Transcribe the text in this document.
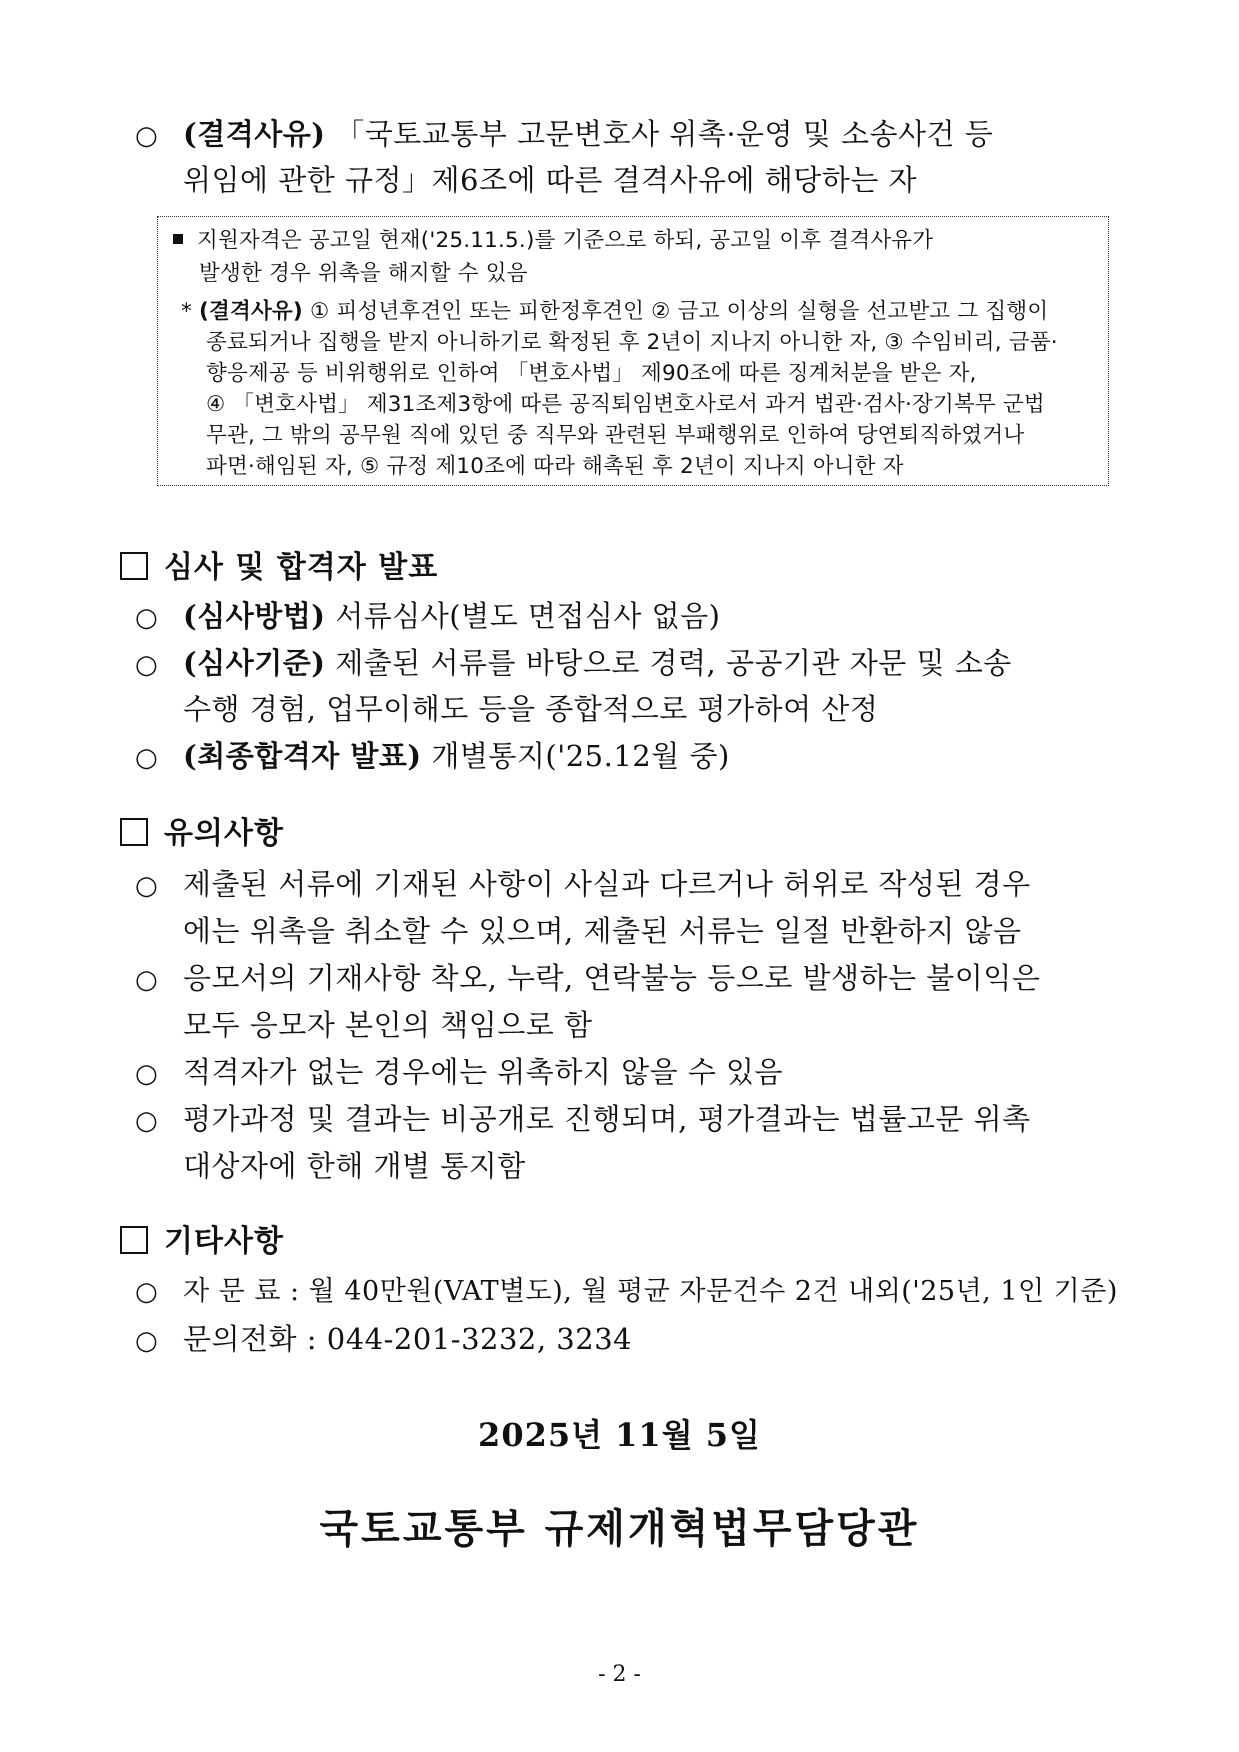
○ (결격사유) 「국토교통부 고문변호사 위촉·운영 및 소송사건 등
위임에 관한 규정」제6조에 따른 결격사유에 해당하는 자
지원자격은 공고일 현재('25.11.5.)를 기준으로 하되, 공고일 이후 결격사유가
발생한 경우 위촉을 해지할 수 있음
* (결격사유) ① 피성년후견인 또는 피한정후견인 ② 금고 이상의 실형을 선고받고 그 집행이
종료되거나 집행을 받지 아니하기로 확정된 후 2년이 지나지 아니한 자, ③ 수임비리, 금품·
향응제공 등 비위행위로 인하여 「변호사법」 제90조에 따른 징계처분을 받은 자,
④ 「변호사법」 제31조제3항에 따른 공직퇴임변호사로서 과거 법관·검사·장기복무 군법
무관, 그 밖의 공무원 직에 있던 중 직무와 관련된 부패행위로 인하여 당연퇴직하였거나
파면·해임된 자, ⑤ 규정 제10조에 따라 해촉된 후 2년이 지나지 아니한 자
심사 및 합격자 발표
○ (심사방법) 서류심사(별도 면접심사 없음)
○ (심사기준) 제출된 서류를 바탕으로 경력, 공공기관 자문 및 소송
수행 경험, 업무이해도 등을 종합적으로 평가하여 산정
○ (최종합격자 발표) 개별통지('25.12월 중)
유의사항
○ 제출된 서류에 기재된 사항이 사실과 다르거나 허위로 작성된 경우
에는 위촉을 취소할 수 있으며, 제출된 서류는 일절 반환하지 않음
○ 응모서의 기재사항 착오, 누락, 연락불능 등으로 발생하는 불이익은
모두 응모자 본인의 책임으로 함
○ 적격자가 없는 경우에는 위촉하지 않을 수 있음
○ 평가과정 및 결과는 비공개로 진행되며, 평가결과는 법률고문 위촉
대상자에 한해 개별 통지함
기타사항
○ 자 문 료 : 월 40만원(VAT별도), 월 평균 자문건수 2건 내외('25년, 1인 기준)
○ 문의전화 : 044-201-3232, 3234
2025년 11월 5일
국토교통부 규제개혁법무담당관
- 2 -
